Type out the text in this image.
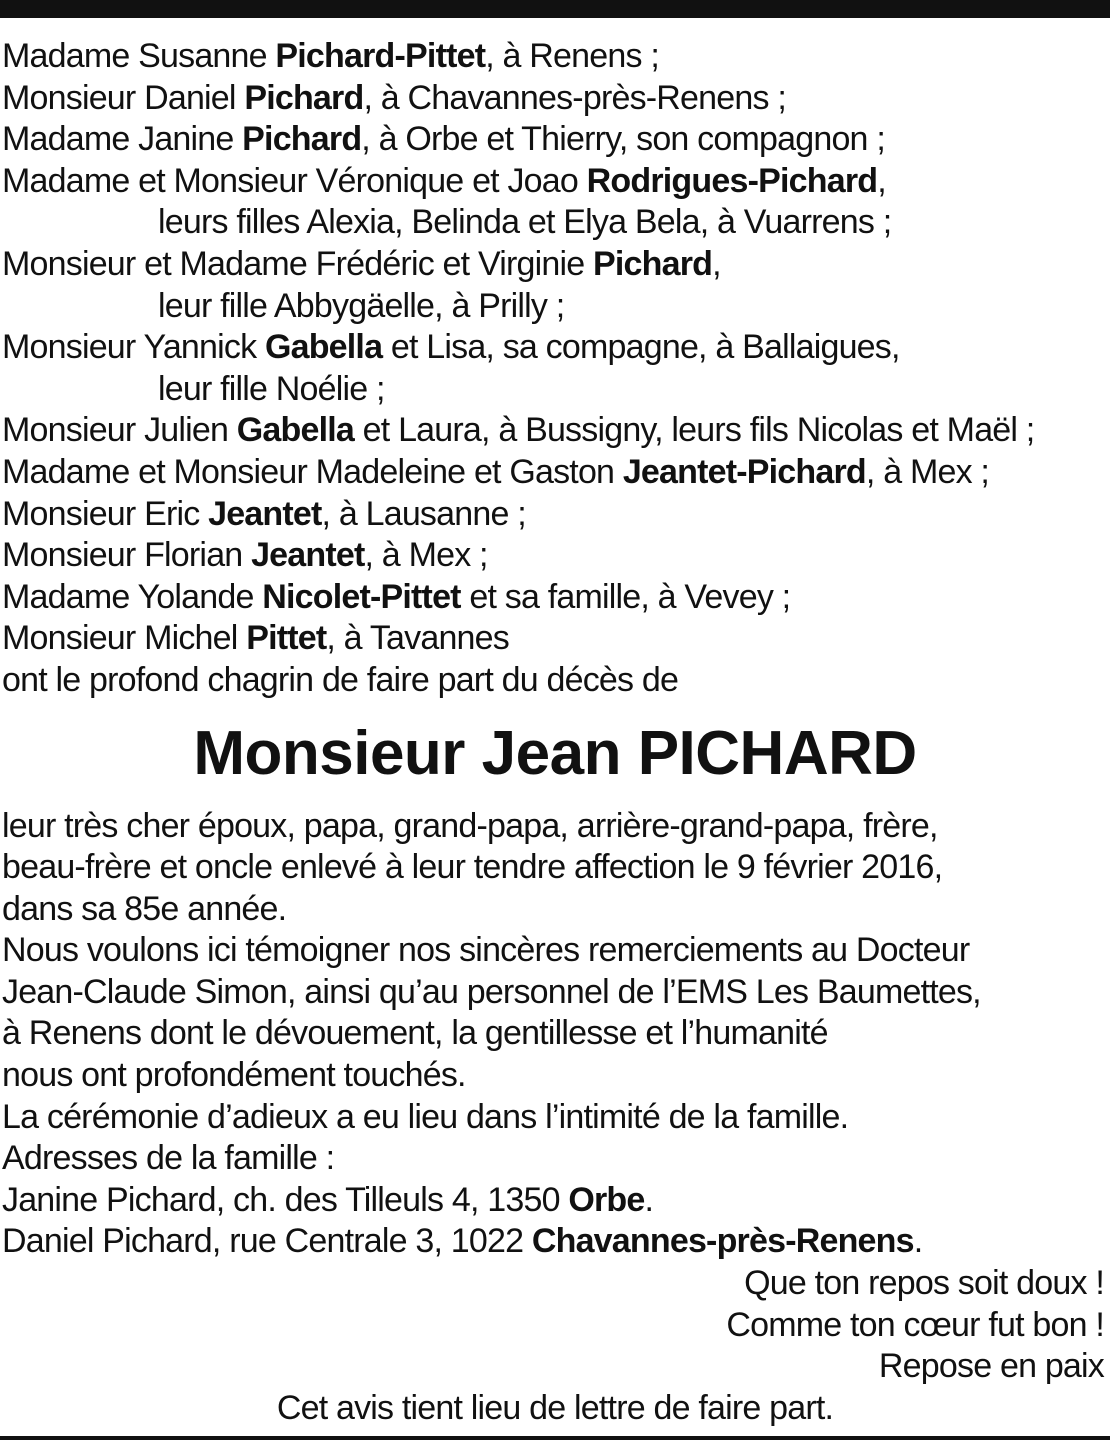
Madame Susanne Pichard-Pittet, à Renens ;
Monsieur Daniel Pichard, à Chavannes-près-Renens ;
Madame Janine Pichard, à Orbe et Thierry, son compagnon ;
Madame et Monsieur Véronique et Joao Rodrigues-Pichard,
leurs filles Alexia, Belinda et Elya Bela, à Vuarrens ;
Monsieur et Madame Frédéric et Virginie Pichard,
leur fille Abbygäelle, à Prilly ;
Monsieur Yannick Gabella et Lisa, sa compagne, à Ballaigues,
leur fille Noélie ;
Monsieur Julien Gabella et Laura, à Bussigny, leurs fils Nicolas et Maël ;
Madame et Monsieur Madeleine et Gaston Jeantet-Pichard, à Mex ;
Monsieur Eric Jeantet, à Lausanne ;
Monsieur Florian Jeantet, à Mex ;
Madame Yolande Nicolet-Pittet et sa famille, à Vevey ;
Monsieur Michel Pittet, à Tavannes
ont le profond chagrin de faire part du décès de
Monsieur Jean PICHARD
leur très cher époux, papa, grand-papa, arrière-grand-papa, frère,
beau-frère et oncle enlevé à leur tendre affection le 9 février 2016,
dans sa 85e année.
Nous voulons ici témoigner nos sincères remerciements au Docteur
Jean-Claude Simon, ainsi qu’au personnel de l’EMS Les Baumettes,
à Renens dont le dévouement, la gentillesse et l’humanité
nous ont profondément touchés.
La cérémonie d’adieux a eu lieu dans l’intimité de la famille.
Adresses de la famille :
Janine Pichard, ch. des Tilleuls 4, 1350 Orbe.
Daniel Pichard, rue Centrale 3, 1022 Chavannes-près-Renens.
Que ton repos soit doux !
Comme ton cœur fut bon !
Repose en paix
Cet avis tient lieu de lettre de faire part.
